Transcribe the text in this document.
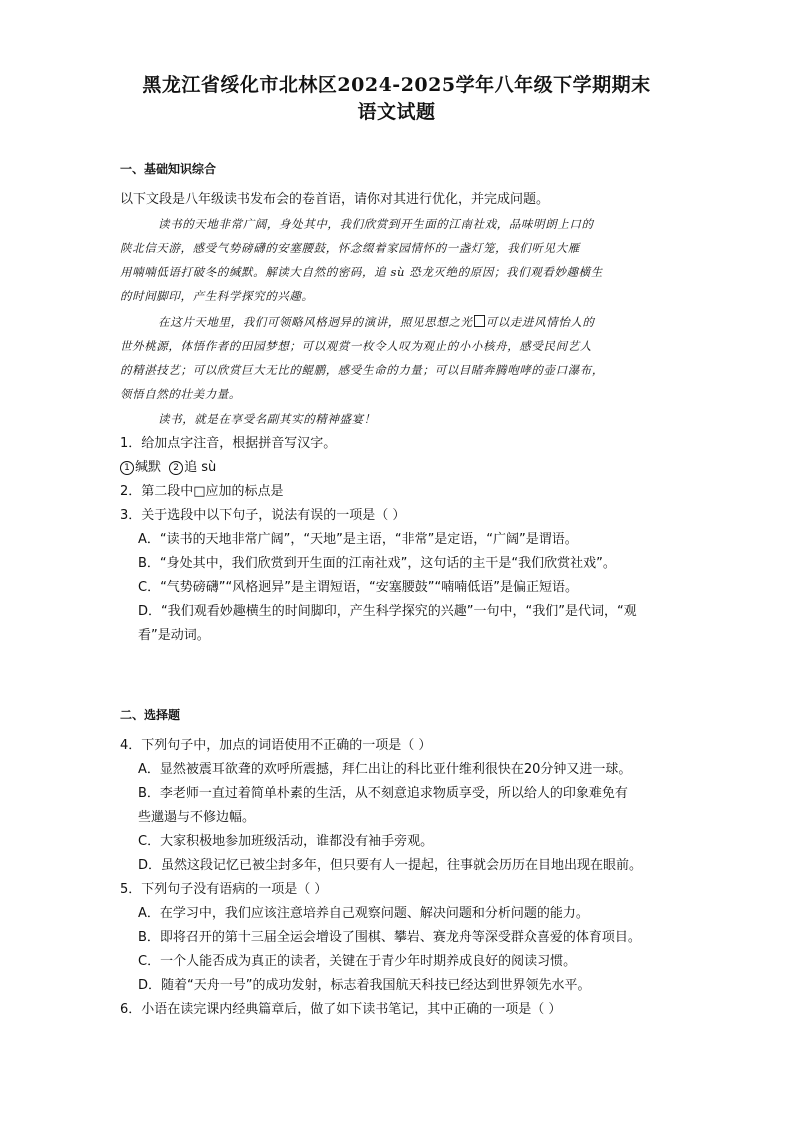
黑龙江省绥化市北林区2024-2025学年八年级下学期期末
语文试题
一、基础知识综合
以下文段是八年级读书发布会的卷首语，请你对其进行优化，并完成问题。
读书的天地非常广阔，身处其中，我们欣赏到开生面的江南社戏，品味明朗上口的
陕北信天游，感受气势磅礴的安塞腰鼓，怀念缀着家园情怀的一盏灯笼，我们听见大雁
用喃喃低语打破冬的缄默。解读大自然的密码，追 sù 恐龙灭绝的原因；我们观看妙趣横生
的时间脚印，产生科学探究的兴趣。
在这片天地里，我们可领略风格迥异的演讲，照见思想之光 可以走进风情怡人的
世外桃源，体悟作者的田园梦想；可以观赏一枚令人叹为观止的小小核舟，感受民间艺人
的精湛技艺；可以欣赏巨大无比的鲲鹏，感受生命的力量；可以目睹奔腾咆哮的壶口瀑布，
领悟自然的壮美力量。
读书，就是在享受名副其实的精神盛宴！
1．给加点字注音，根据拼音写汉字。
1 缄默 2 追 sù
2．第二段中□应加的标点是
3．关于选段中以下句子，说法有误的一项是（ ）
A．“读书的天地非常广阔”，“天地”是主语，“非常”是定语，“广阔”是谓语。
B．“身处其中，我们欣赏到开生面的江南社戏”，这句话的主干是“我们欣赏社戏”。
C．“气势磅礴”“风格迥异”是主谓短语，“安塞腰鼓”“喃喃低语”是偏正短语。
D．“我们观看妙趣横生的时间脚印，产生科学探究的兴趣”一句中，“我们”是代词，“观
看”是动词。
二、选择题
4．下列句子中，加点的词语使用不正确的一项是（ ）
A．显然被震耳欲聋的欢呼所震撼，拜仁出让的科比亚什维利很快在20分钟又进一球。
B．李老师一直过着简单朴素的生活，从不刻意追求物质享受，所以给人的印象难免有
些邋遢与不修边幅。
C．大家积极地参加班级活动，谁都没有袖手旁观。
D．虽然这段记忆已被尘封多年，但只要有人一提起，往事就会历历在目地出现在眼前。
5．下列句子没有语病的一项是（ ）
A．在学习中，我们应该注意培养自己观察问题、解决问题和分析问题的能力。
B．即将召开的第十三届全运会增设了围棋、攀岩、赛龙舟等深受群众喜爱的体育项目。
C．一个人能否成为真正的读者，关键在于青少年时期养成良好的阅读习惯。
D．随着“天舟一号”的成功发射，标志着我国航天科技已经达到世界领先水平。
6．小语在读完课内经典篇章后，做了如下读书笔记，其中正确的一项是（ ）
